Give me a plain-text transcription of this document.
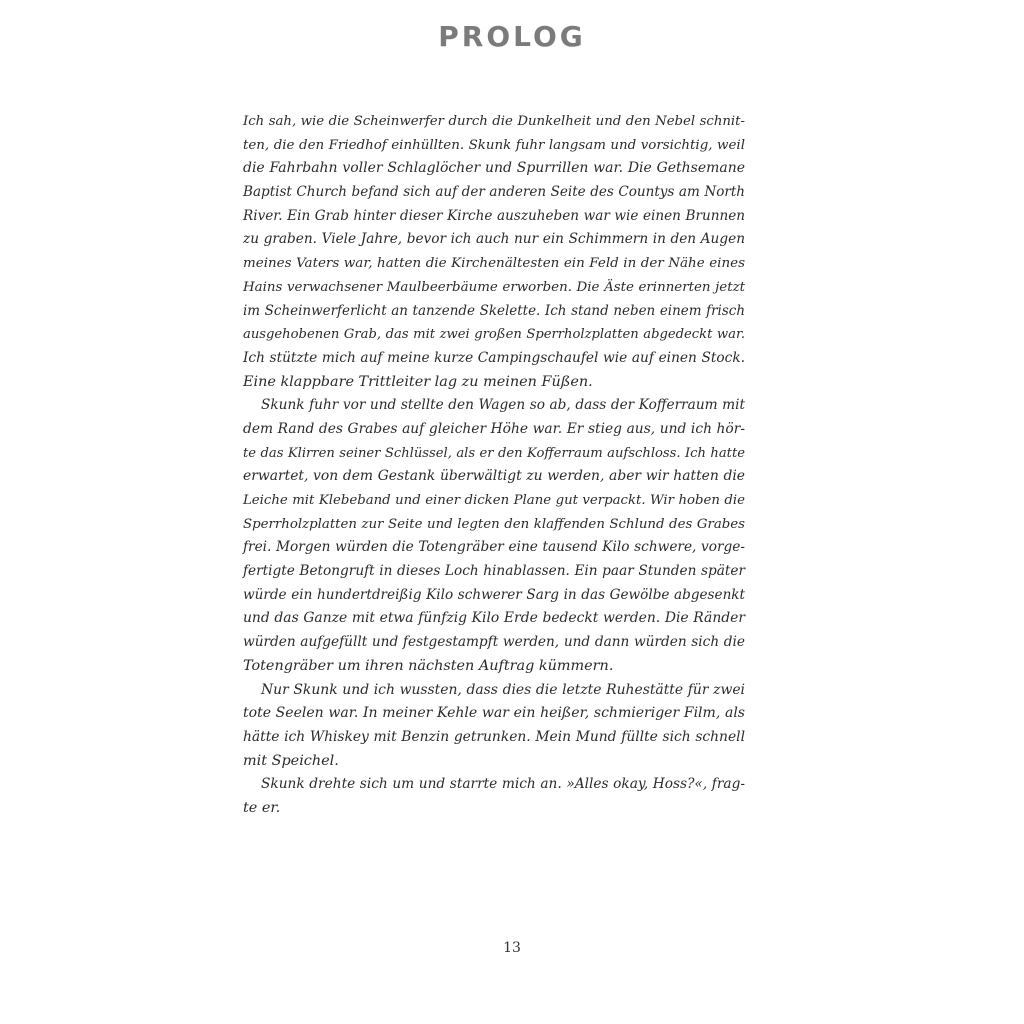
PROLOG
Ich sah, wie die Scheinwerfer durch die Dunkelheit und den Nebel schnit-
ten, die den Friedhof einhüllten. Skunk fuhr langsam und vorsichtig, weil
die Fahrbahn voller Schlaglöcher und Spurrillen war. Die Gethsemane
Baptist Church befand sich auf der anderen Seite des Countys am North
River. Ein Grab hinter dieser Kirche auszuheben war wie einen Brunnen
zu graben. Viele Jahre, bevor ich auch nur ein Schimmern in den Augen
meines Vaters war, hatten die Kirchenältesten ein Feld in der Nähe eines
Hains verwachsener Maulbeerbäume erworben. Die Äste erinnerten jetzt
im Scheinwerferlicht an tanzende Skelette. Ich stand neben einem frisch
ausgehobenen Grab, das mit zwei großen Sperrholzplatten abgedeckt war.
Ich stützte mich auf meine kurze Campingschaufel wie auf einen Stock.
Eine klappbare Trittleiter lag zu meinen Füßen.
Skunk fuhr vor und stellte den Wagen so ab, dass der Kofferraum mit
dem Rand des Grabes auf gleicher Höhe war. Er stieg aus, und ich hör-
te das Klirren seiner Schlüssel, als er den Kofferraum aufschloss. Ich hatte
erwartet, von dem Gestank überwältigt zu werden, aber wir hatten die
Leiche mit Klebeband und einer dicken Plane gut verpackt. Wir hoben die
Sperrholzplatten zur Seite und legten den klaffenden Schlund des Grabes
frei. Morgen würden die Totengräber eine tausend Kilo schwere, vorge-
fertigte Betongruft in dieses Loch hinablassen. Ein paar Stunden später
würde ein hundertdreißig Kilo schwerer Sarg in das Gewölbe abgesenkt
und das Ganze mit etwa fünfzig Kilo Erde bedeckt werden. Die Ränder
würden aufgefüllt und festgestampft werden, und dann würden sich die
Totengräber um ihren nächsten Auftrag kümmern.
Nur Skunk und ich wussten, dass dies die letzte Ruhestätte für zwei
tote Seelen war. In meiner Kehle war ein heißer, schmieriger Film, als
hätte ich Whiskey mit Benzin getrunken. Mein Mund füllte sich schnell
mit Speichel.
Skunk drehte sich um und starrte mich an. »Alles okay, Hoss?«, frag-
te er.
13
